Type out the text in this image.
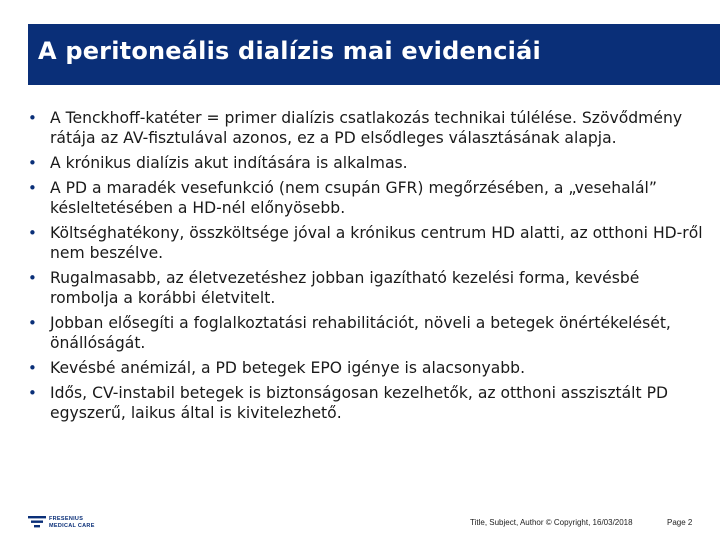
A peritoneális dialízis mai evidenciái
• A Tenckhoff-katéter = primer dialízis csatlakozás technikai túlélése. Szövődmény rátája az AV-fisztulával azonos, ez a PD elsődleges választásának alapja.
• A krónikus dialízis akut indítására is alkalmas.
• A PD a maradék vesefunkció (nem csupán GFR) megőrzésében, a „vesehalál” késleltetésében a HD-nél előnyösebb.
• Költséghatékony, összköltsége jóval a krónikus centrum HD alatti, az otthoni HD-ről nem beszélve.
• Rugalmasabb, az életvezetéshez jobban igazítható kezelési forma, kevésbé rombolja a korábbi életvitelt.
• Jobban elősegíti a foglalkoztatási rehabilitációt, növeli a betegek önértékelését, önállóságát.
• Kevésbé anémizál, a PD betegek EPO igénye is alacsonyabb.
• Idős, CV-instabil betegek is biztonságosan kezelhetők, az otthoni asszisztált PD egyszerű, laikus által is kivitelezhető.
FRESENIUS
MEDICAL CARE	Title, Subject, Author © Copyright, 16/03/2018	Page 2
